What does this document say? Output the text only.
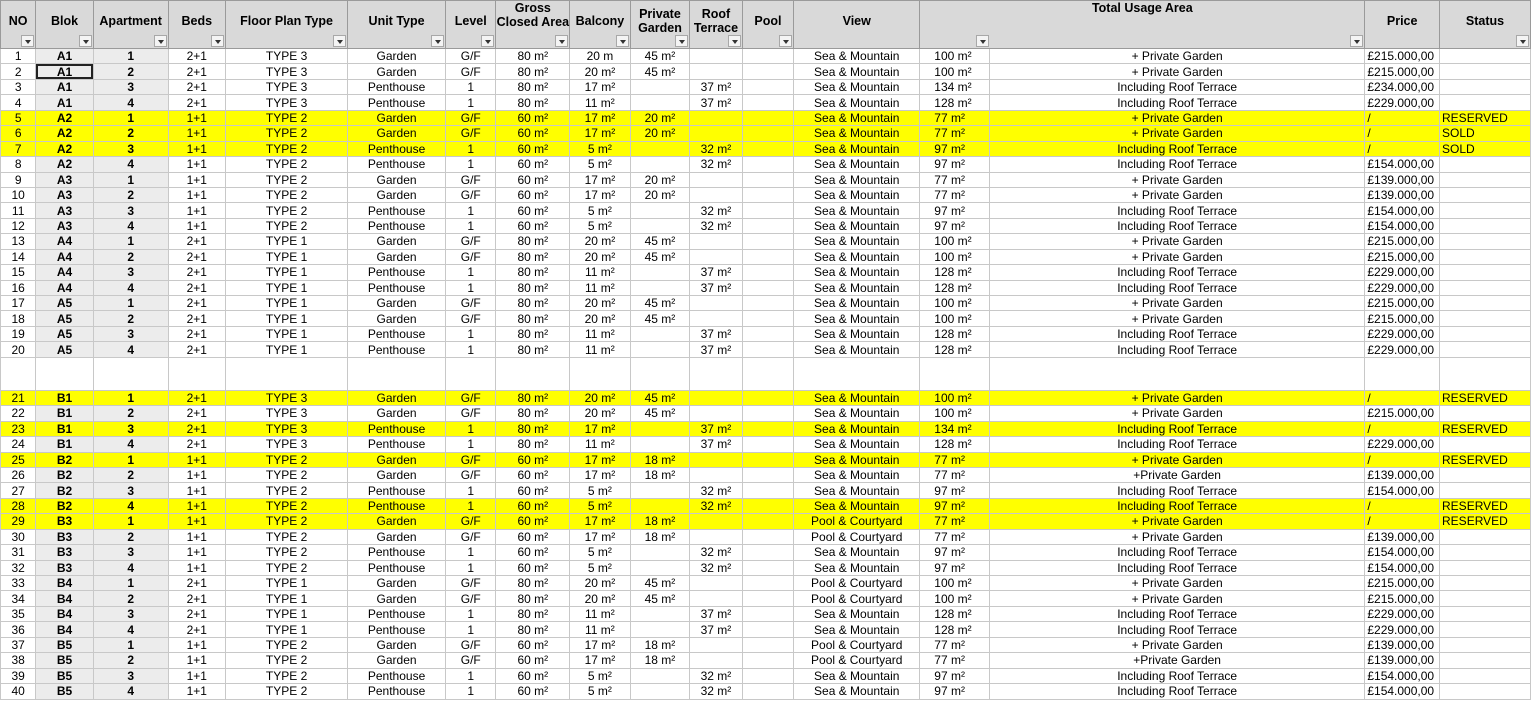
NO	Blok	Apartment	Beds	Floor Plan Type	Unit Type	Level	Gross Closed Area	Balcony	Private Garden	Roof Terrace	Pool	View	Total Usage Area		Price	Status

1	A1	1	2+1	TYPE 3	Garden	G/F	80 m²	20 m	45 m²			Sea & Mountain	100 m²	+ Private Garden	£215.000,00	
2	A1	2	2+1	TYPE 3	Garden	G/F	80 m²	20 m²	45 m²			Sea & Mountain	100 m²	+ Private Garden	£215.000,00	
3	A1	3	2+1	TYPE 3	Penthouse	1	80 m²	17 m²		37 m²		Sea & Mountain	134 m²	Including Roof Terrace	£234.000,00	
4	A1	4	2+1	TYPE 3	Penthouse	1	80 m²	11 m²		37 m²		Sea & Mountain	128 m²	Including Roof Terrace	£229.000,00	
5	A2	1	1+1	TYPE 2	Garden	G/F	60 m²	17 m²	20 m²			Sea & Mountain	77 m²	+ Private Garden	/	RESERVED
6	A2	2	1+1	TYPE 2	Garden	G/F	60 m²	17 m²	20 m²			Sea & Mountain	77 m²	+ Private Garden	/	SOLD
7	A2	3	1+1	TYPE 2	Penthouse	1	60 m²	5 m²		32 m²		Sea & Mountain	97 m²	Including Roof Terrace	/	SOLD
8	A2	4	1+1	TYPE 2	Penthouse	1	60 m²	5 m²		32 m²		Sea & Mountain	97 m²	Including Roof Terrace	£154.000,00	
9	A3	1	1+1	TYPE 2	Garden	G/F	60 m²	17 m²	20 m²			Sea & Mountain	77 m²	+ Private Garden	£139.000,00	
10	A3	2	1+1	TYPE 2	Garden	G/F	60 m²	17 m²	20 m²			Sea & Mountain	77 m²	+ Private Garden	£139.000,00	
11	A3	3	1+1	TYPE 2	Penthouse	1	60 m²	5 m²		32 m²		Sea & Mountain	97 m²	Including Roof Terrace	£154.000,00	
12	A3	4	1+1	TYPE 2	Penthouse	1	60 m²	5 m²		32 m²		Sea & Mountain	97 m²	Including Roof Terrace	£154.000,00	
13	A4	1	2+1	TYPE 1	Garden	G/F	80 m²	20 m²	45 m²			Sea & Mountain	100 m²	+ Private Garden	£215.000,00	
14	A4	2	2+1	TYPE 1	Garden	G/F	80 m²	20 m²	45 m²			Sea & Mountain	100 m²	+ Private Garden	£215.000,00	
15	A4	3	2+1	TYPE 1	Penthouse	1	80 m²	11 m²		37 m²		Sea & Mountain	128 m²	Including Roof Terrace	£229.000,00	
16	A4	4	2+1	TYPE 1	Penthouse	1	80 m²	11 m²		37 m²		Sea & Mountain	128 m²	Including Roof Terrace	£229.000,00	
17	A5	1	2+1	TYPE 1	Garden	G/F	80 m²	20 m²	45 m²			Sea & Mountain	100 m²	+ Private Garden	£215.000,00	
18	A5	2	2+1	TYPE 1	Garden	G/F	80 m²	20 m²	45 m²			Sea & Mountain	100 m²	+ Private Garden	£215.000,00	
19	A5	3	2+1	TYPE 1	Penthouse	1	80 m²	11 m²		37 m²		Sea & Mountain	128 m²	Including Roof Terrace	£229.000,00	
20	A5	4	2+1	TYPE 1	Penthouse	1	80 m²	11 m²		37 m²		Sea & Mountain	128 m²	Including Roof Terrace	£229.000,00	

21	B1	1	2+1	TYPE 3	Garden	G/F	80 m²	20 m²	45 m²			Sea & Mountain	100 m²	+ Private Garden	/	RESERVED
22	B1	2	2+1	TYPE 3	Garden	G/F	80 m²	20 m²	45 m²			Sea & Mountain	100 m²	+ Private Garden	£215.000,00	
23	B1	3	2+1	TYPE 3	Penthouse	1	80 m²	17 m²		37 m²		Sea & Mountain	134 m²	Including Roof Terrace	/	RESERVED
24	B1	4	2+1	TYPE 3	Penthouse	1	80 m²	11 m²		37 m²		Sea & Mountain	128 m²	Including Roof Terrace	£229.000,00	
25	B2	1	1+1	TYPE 2	Garden	G/F	60 m²	17 m²	18 m²			Sea & Mountain	77 m²	+ Private Garden	/	RESERVED
26	B2	2	1+1	TYPE 2	Garden	G/F	60 m²	17 m²	18 m²			Sea & Mountain	77 m²	+Private Garden	£139.000,00	
27	B2	3	1+1	TYPE 2	Penthouse	1	60 m²	5 m²		32 m²		Sea & Mountain	97 m²	Including Roof Terrace	£154.000,00	
28	B2	4	1+1	TYPE 2	Penthouse	1	60 m²	5 m²		32 m²		Sea & Mountain	97 m²	Including Roof Terrace	/	RESERVED
29	B3	1	1+1	TYPE 2	Garden	G/F	60 m²	17 m²	18 m²			Pool & Courtyard	77 m²	+ Private Garden	/	RESERVED
30	B3	2	1+1	TYPE 2	Garden	G/F	60 m²	17 m²	18 m²			Pool & Courtyard	77 m²	+ Private Garden	£139.000,00	
31	B3	3	1+1	TYPE 2	Penthouse	1	60 m²	5 m²		32 m²		Sea & Mountain	97 m²	Including Roof Terrace	£154.000,00	
32	B3	4	1+1	TYPE 2	Penthouse	1	60 m²	5 m²		32 m²		Sea & Mountain	97 m²	Including Roof Terrace	£154.000,00	
33	B4	1	2+1	TYPE 1	Garden	G/F	80 m²	20 m²	45 m²			Pool & Courtyard	100 m²	+ Private Garden	£215.000,00	
34	B4	2	2+1	TYPE 1	Garden	G/F	80 m²	20 m²	45 m²			Pool & Courtyard	100 m²	+ Private Garden	£215.000,00	
35	B4	3	2+1	TYPE 1	Penthouse	1	80 m²	11 m²		37 m²		Sea & Mountain	128 m²	Including Roof Terrace	£229.000,00	
36	B4	4	2+1	TYPE 1	Penthouse	1	80 m²	11 m²		37 m²		Sea & Mountain	128 m²	Including Roof Terrace	£229.000,00	
37	B5	1	1+1	TYPE 2	Garden	G/F	60 m²	17 m²	18 m²			Pool & Courtyard	77 m²	+ Private Garden	£139.000,00	
38	B5	2	1+1	TYPE 2	Garden	G/F	60 m²	17 m²	18 m²			Pool & Courtyard	77 m²	+Private Garden	£139.000,00	
39	B5	3	1+1	TYPE 2	Penthouse	1	60 m²	5 m²		32 m²		Sea & Mountain	97 m²	Including Roof Terrace	£154.000,00	
40	B5	4	1+1	TYPE 2	Penthouse	1	60 m²	5 m²		32 m²		Sea & Mountain	97 m²	Including Roof Terrace	£154.000,00	
